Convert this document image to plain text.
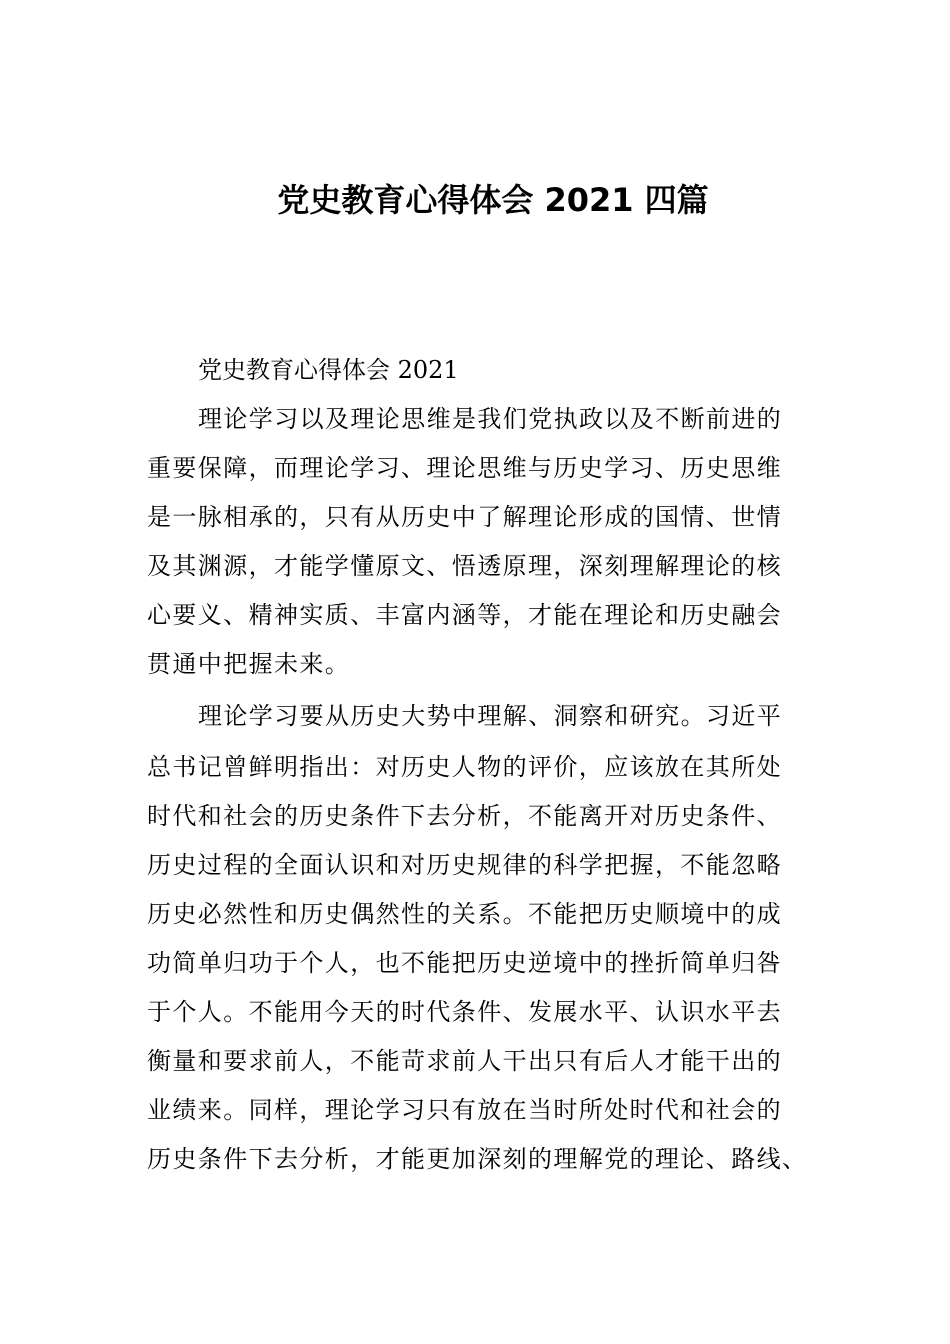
党史教育心得体会 2021 四篇
党史教育心得体会 2021
理论学习以及理论思维是我们党执政以及不断前进的
重要保障，而理论学习、理论思维与历史学习、历史思维
是一脉相承的，只有从历史中了解理论形成的国情、世情
及其渊源，才能学懂原文、悟透原理，深刻理解理论的核
心要义、精神实质、丰富内涵等，才能在理论和历史融会
贯通中把握未来。
理论学习要从历史大势中理解、洞察和研究。习近平
总书记曾鲜明指出：对历史人物的评价，应该放在其所处
时代和社会的历史条件下去分析，不能离开对历史条件、
历史过程的全面认识和对历史规律的科学把握，不能忽略
历史必然性和历史偶然性的关系。不能把历史顺境中的成
功简单归功于个人，也不能把历史逆境中的挫折简单归咎
于个人。不能用今天的时代条件、发展水平、认识水平去
衡量和要求前人，不能苛求前人干出只有后人才能干出的
业绩来。同样，理论学习只有放在当时所处时代和社会的
历史条件下去分析，才能更加深刻的理解党的理论、路线、
